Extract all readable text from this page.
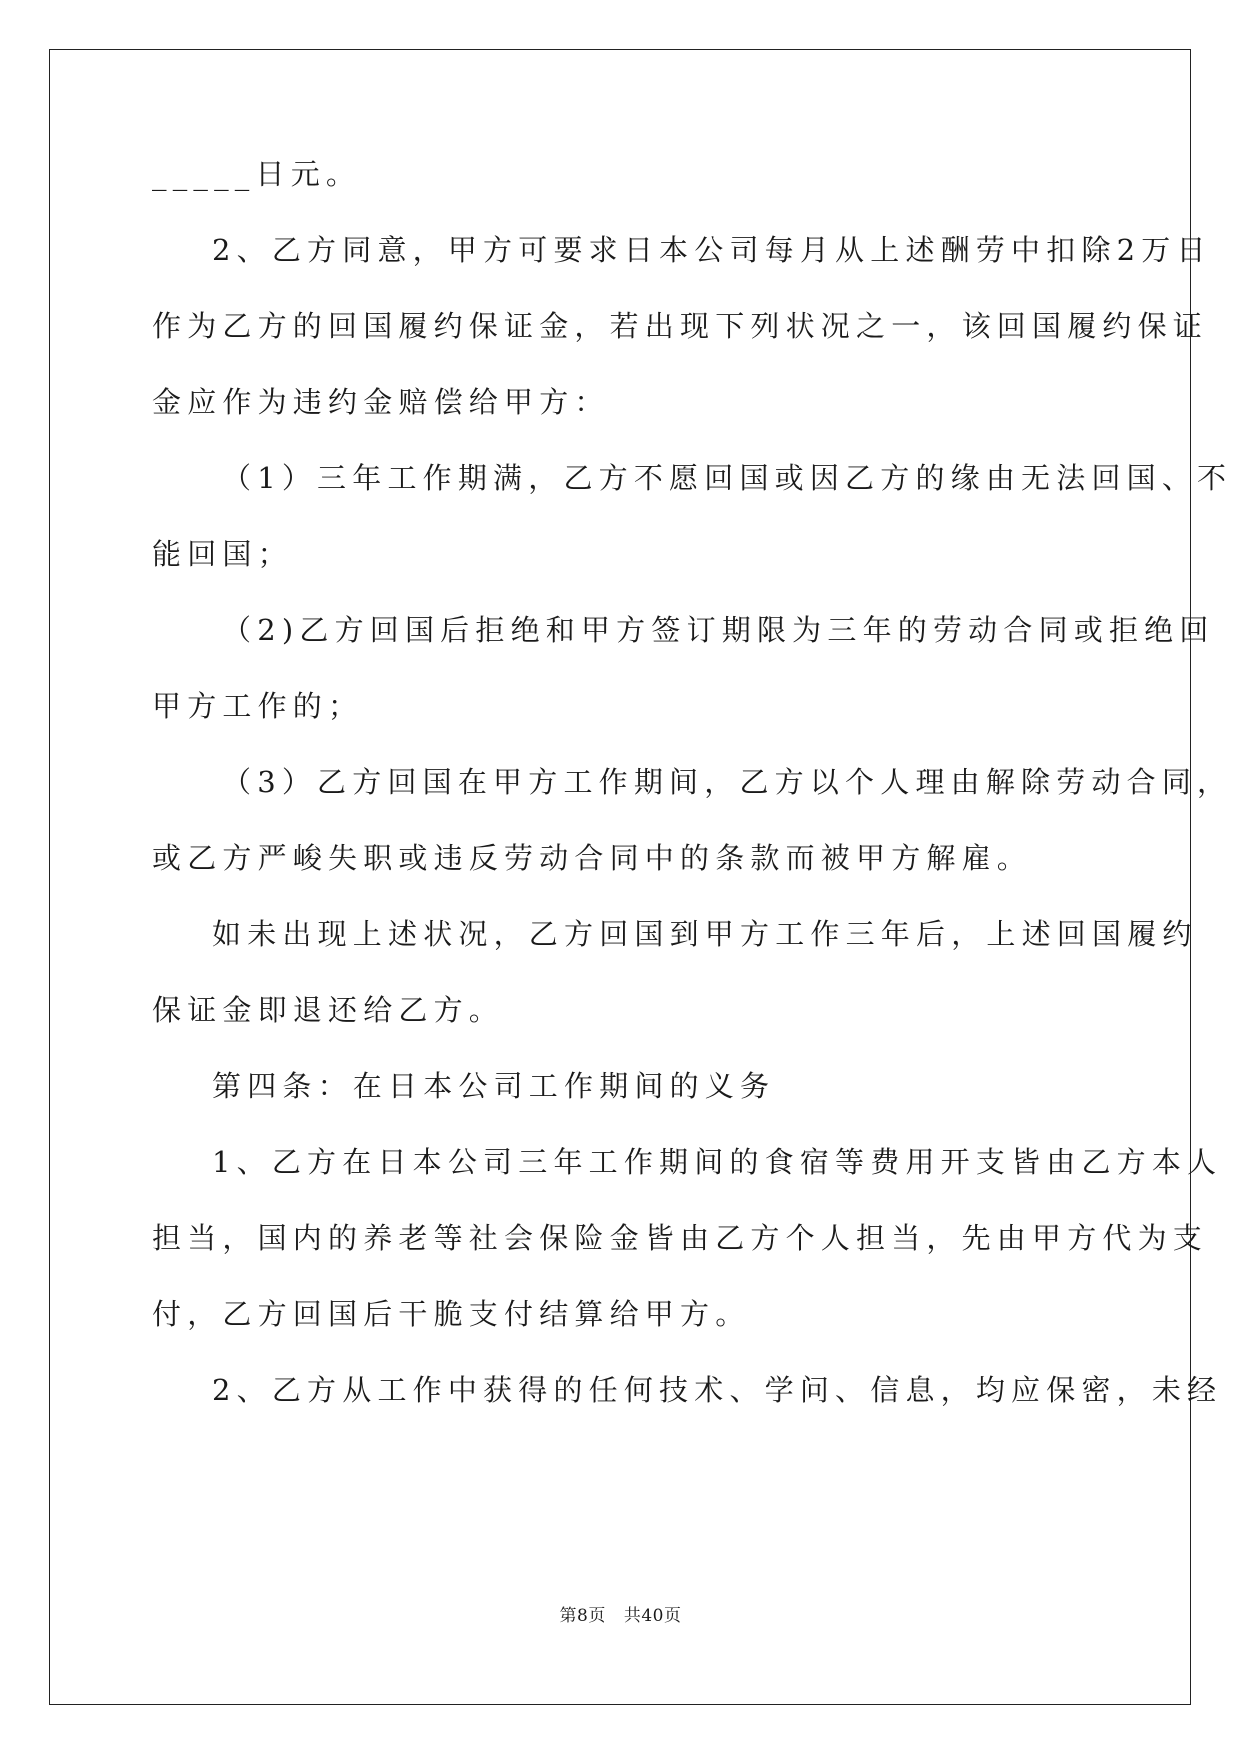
_____日元。

2、乙方同意，甲方可要求日本公司每月从上述酬劳中扣除2万日

作为乙方的回国履约保证金，若出现下列状况之一，该回国履约保证

金应作为违约金赔偿给甲方：

（1）三年工作期满，乙方不愿回国或因乙方的缘由无法回国、不

能回国；

（2)乙方回国后拒绝和甲方签订期限为三年的劳动合同或拒绝回

甲方工作的；

（3）乙方回国在甲方工作期间，乙方以个人理由解除劳动合同，

或乙方严峻失职或违反劳动合同中的条款而被甲方解雇。

如未出现上述状况，乙方回国到甲方工作三年后，上述回国履约

保证金即退还给乙方。

第四条：在日本公司工作期间的义务

1、乙方在日本公司三年工作期间的食宿等费用开支皆由乙方本人

担当，国内的养老等社会保险金皆由乙方个人担当，先由甲方代为支

付，乙方回国后干脆支付结算给甲方。

2、乙方从工作中获得的任何技术、学问、信息，均应保密，未经

第8页 共40页
